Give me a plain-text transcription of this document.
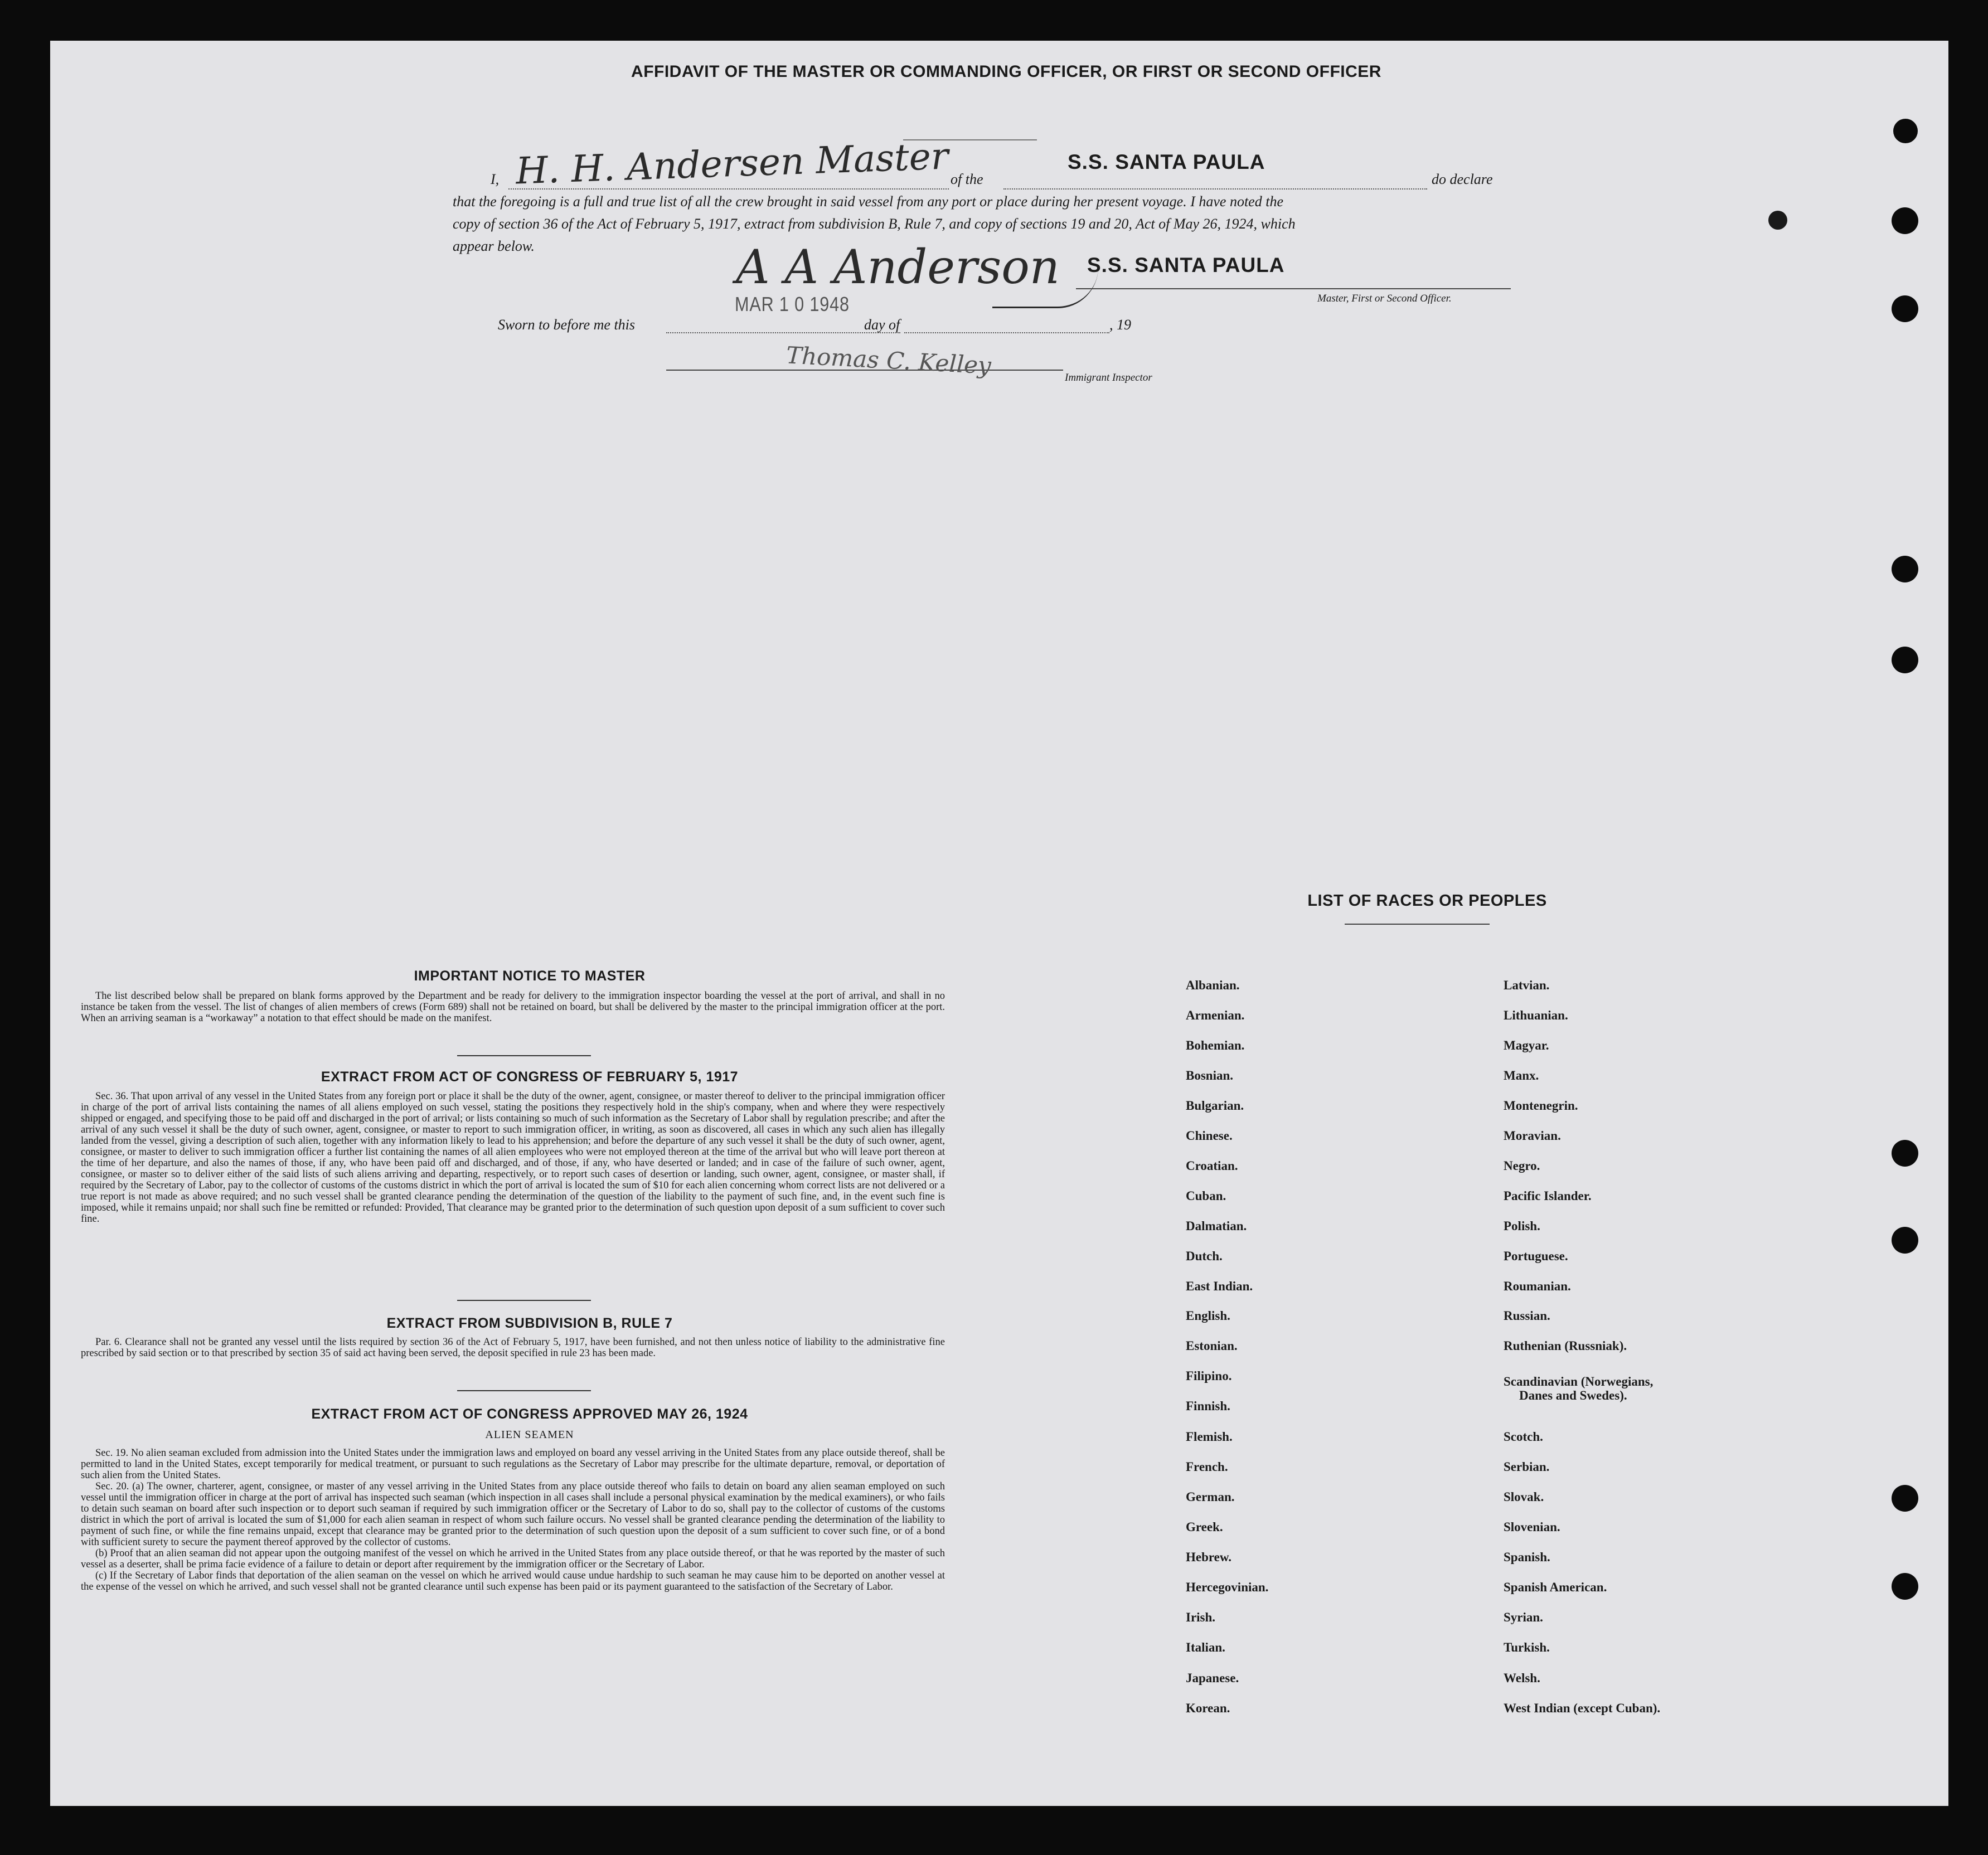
AFFIDAVIT OF THE MASTER OR COMMANDING OFFICER, OR FIRST OR SECOND OFFICER
I, H. H. Andersen Master of the
S.S. SANTA PAULA
do declare
that the foregoing is a full and true list of all the crew brought in said vessel from any port or place during her present voyage. I have noted the
copy of section 36 of the Act of February 5, 1917, extract from subdivision B, Rule 7, and copy of sections 19 and 20, Act of May 26, 1924, which
appear below.	A A Anderson S.S. SANTA PAULA
Master, First or Second Officer.
MAR 1 0 1948
Sworn to before me this	day of	, 19
Thomas C. Kelley	Immigrant Inspector
IMPORTANT NOTICE TO MASTER

The list described below shall be prepared on blank forms approved by the Department and be ready for delivery to the immigration inspector boarding the vessel at the port of arrival, and shall in no instance be taken from the vessel. The list of changes of alien members of crews (Form 689) shall not be retained on board, but shall be delivered by the master to the principal immigration officer at the port. When an arriving seaman is a “workaway” a notation to that effect should be made on the manifest.

EXTRACT FROM ACT OF CONGRESS OF FEBRUARY 5, 1917

Sec. 36. That upon arrival of any vessel in the United States from any foreign port or place it shall be the duty of the owner, agent, consignee, or master thereof to deliver to the principal immigration officer in charge of the port of arrival lists containing the names of all aliens employed on such vessel, stating the positions they respectively hold in the ship's company, when and where they were respectively shipped or engaged, and specifying those to be paid off and discharged in the port of arrival; or lists containing so much of such information as the Secretary of Labor shall by regulation prescribe; and after the arrival of any such vessel it shall be the duty of such owner, agent, consignee, or master to report to such immigration officer, in writing, as soon as discovered, all cases in which any such alien has illegally landed from the vessel, giving a description of such alien, together with any information likely to lead to his apprehension; and before the departure of any such vessel it shall be the duty of such owner, agent, consignee, or master to deliver to such immigration officer a further list containing the names of all alien employees who were not employed thereon at the time of the arrival but who will leave port thereon at the time of her departure, and also the names of those, if any, who have been paid off and discharged, and of those, if any, who have deserted or landed; and in case of the failure of such owner, agent, consignee, or master so to deliver either of the said lists of such aliens arriving and departing, respectively, or to report such cases of desertion or landing, such owner, agent, consignee, or master shall, if required by the Secretary of Labor, pay to the collector of customs of the customs district in which the port of arrival is located the sum of $10 for each alien concerning whom correct lists are not delivered or a true report is not made as above required; and no such vessel shall be granted clearance pending the determination of the question of the liability to the payment of such fine, and, in the event such fine is imposed, while it remains unpaid; nor shall such fine be remitted or refunded: Provided, That clearance may be granted prior to the determination of such question upon deposit of a sum sufficient to cover such fine.

EXTRACT FROM SUBDIVISION B, RULE 7

Par. 6. Clearance shall not be granted any vessel until the lists required by section 36 of the Act of February 5, 1917, have been furnished, and not then unless notice of liability to the administrative fine prescribed by said section or to that prescribed by section 35 of said act having been served, the deposit specified in rule 23 has been made.

EXTRACT FROM ACT OF CONGRESS APPROVED MAY 26, 1924
ALIEN SEAMEN

Sec. 19. No alien seaman excluded from admission into the United States under the immigration laws and employed on board any vessel arriving in the United States from any place outside thereof, shall be permitted to land in the United States, except temporarily for medical treatment, or pursuant to such regulations as the Secretary of Labor may prescribe for the ultimate departure, removal, or deportation of such alien from the United States.

Sec. 20. (a) The owner, charterer, agent, consignee, or master of any vessel arriving in the United States from any place outside thereof who fails to detain on board any alien seaman employed on such vessel until the immigration officer in charge at the port of arrival has inspected such seaman (which inspection in all cases shall include a personal physical examination by the medical examiners), or who fails to detain such seaman on board after such inspection or to deport such seaman if required by such immigration officer or the Secretary of Labor to do so, shall pay to the collector of customs of the customs district in which the port of arrival is located the sum of $1,000 for each alien seaman in respect of whom such failure occurs. No vessel shall be granted clearance pending the determination of the liability to payment of such fine, or while the fine remains unpaid, except that clearance may be granted prior to the determination of such question upon the deposit of a sum sufficient to cover such fine, or of a bond with sufficient surety to secure the payment thereof approved by the collector of customs.

(b) Proof that an alien seaman did not appear upon the outgoing manifest of the vessel on which he arrived in the United States from any place outside thereof, or that he was reported by the master of such vessel as a deserter, shall be prima facie evidence of a failure to detain or deport after requirement by the immigration officer or the Secretary of Labor.

(c) If the Secretary of Labor finds that deportation of the alien seaman on the vessel on which he arrived would cause undue hardship to such seaman he may cause him to be deported on another vessel at the expense of the vessel on which he arrived, and such vessel shall not be granted clearance until such expense has been paid or its payment guaranteed to the satisfaction of the Secretary of Labor.

LIST OF RACES OR PEOPLES
Albanian.
Armenian.
Bohemian.
Bosnian.
Bulgarian.
Chinese.
Croatian.
Cuban.
Dalmatian.
Dutch.
East Indian.
English.
Estonian.
Filipino.
Finnish.
Flemish.
French.
German.
Greek.
Hebrew.
Hercegovinian.
Irish.
Italian.
Japanese.
Korean.
Latvian.
Lithuanian.
Magyar.
Manx.
Montenegrin.
Moravian.
Negro.
Pacific Islander.
Polish.
Portuguese.
Roumanian.
Russian.
Ruthenian (Russniak).
Scandinavian (Norwegians,
Danes and Swedes).
Scotch.
Serbian.
Slovak.
Slovenian.
Spanish.
Spanish American.
Syrian.
Turkish.
Welsh.
West Indian (except Cuban).
